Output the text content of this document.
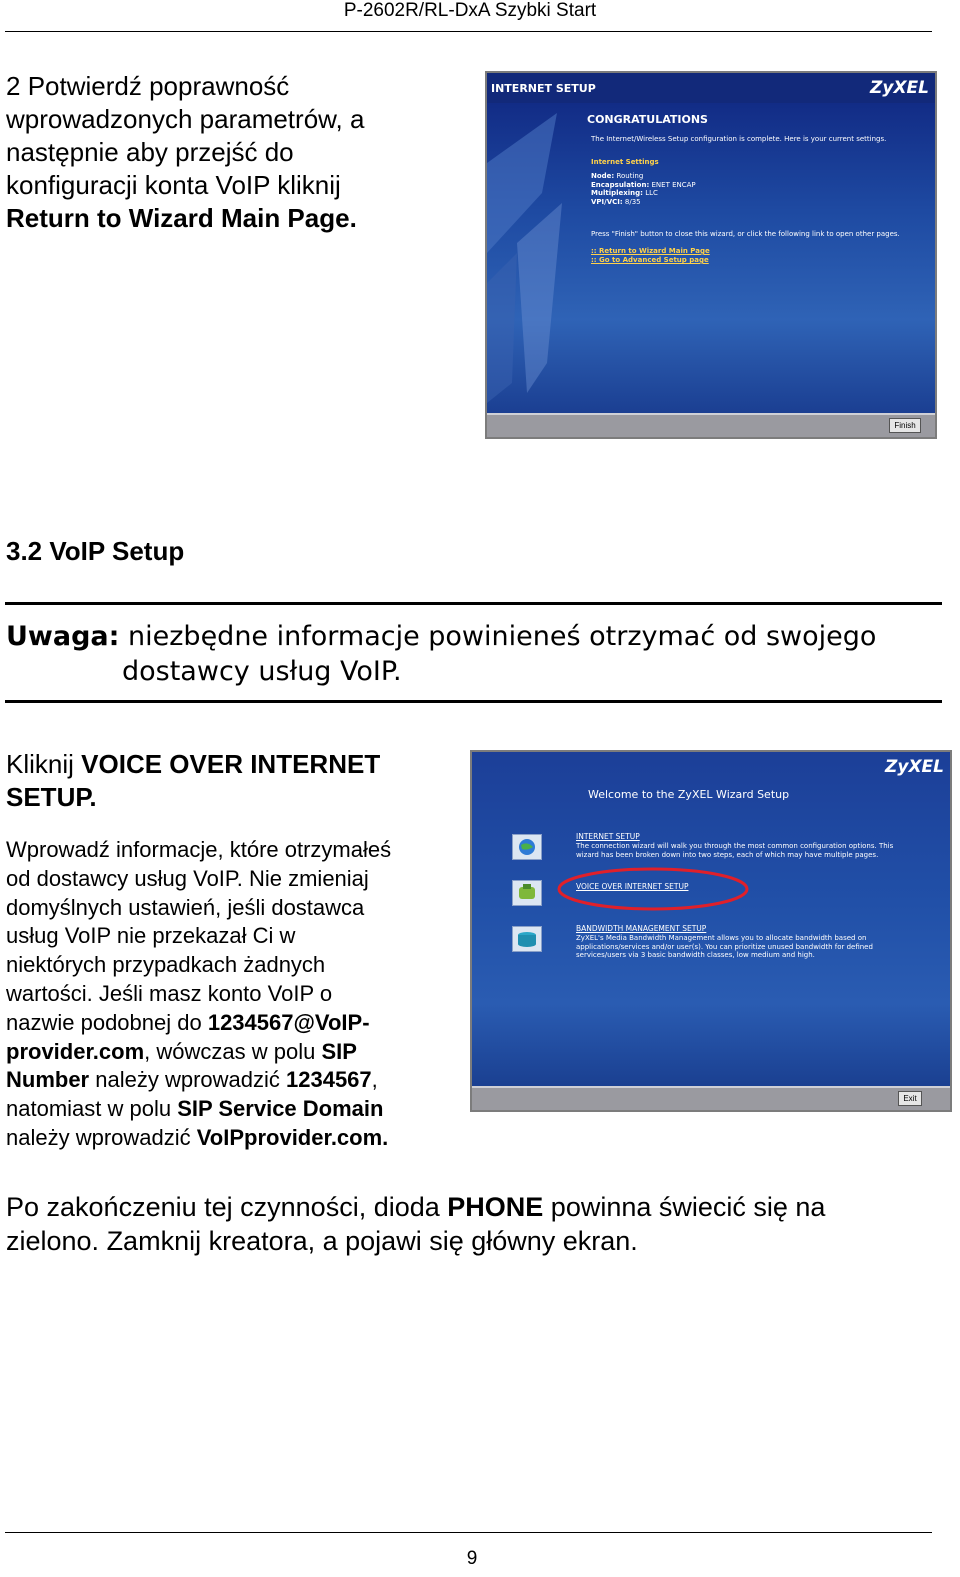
P-2602R/RL-DxA Szybki Start
2 Potwierdź poprawność wprowadzonych parametrów, a następnie aby przejść do konfiguracji konta VoIP kliknij Return to Wizard Main Page.
INTERNET SETUP	ZyXEL
CONGRATULATIONS
The Internet/Wireless Setup configuration is complete. Here is your current settings.
Internet Settings
Node: Routing
Encapsulation: ENET ENCAP
Multiplexing: LLC
VPI/VCI: 8/35
Press "Finish" button to close this wizard, or click the following link to open other pages.
:: Return to Wizard Main Page
:: Go to Advanced Setup page
Finish
3.2 VoIP Setup
Uwaga: niezbędne informacje powinieneś otrzymać od swojego
dostawcy usług VoIP.
Kliknij VOICE OVER INTERNET
SETUP.
Wprowadź informacje, które otrzymałeś
od dostawcy usług VoIP. Nie zmieniaj
domyślnych ustawień, jeśli dostawca
usług VoIP nie przekazał Ci w
niektórych przypadkach żadnych
wartości. Jeśli masz konto VoIP o
nazwie podobnej do 1234567@VoIP-
provider.com, wówczas w polu SIP
Number należy wprowadzić 1234567,
natomiast w polu SIP Service Domain
należy wprowadzić VoIPprovider.com.
ZyXEL
Welcome to the ZyXEL Wizard Setup
INTERNET SETUP
The connection wizard will walk you through the most common configuration options. This wizard has been broken down into two steps, each of which may have multiple pages.
VOICE OVER INTERNET SETUP
BANDWIDTH MANAGEMENT SETUP
ZyXEL's Media Bandwidth Management allows you to allocate bandwidth based on applications/services and/or user(s). You can prioritize unused bandwidth for defined services/users via 3 basic bandwidth classes, low medium and high.
Exit
Po zakończeniu tej czynności, dioda PHONE powinna świecić się na
zielono. Zamknij kreatora, a pojawi się główny ekran.
9
